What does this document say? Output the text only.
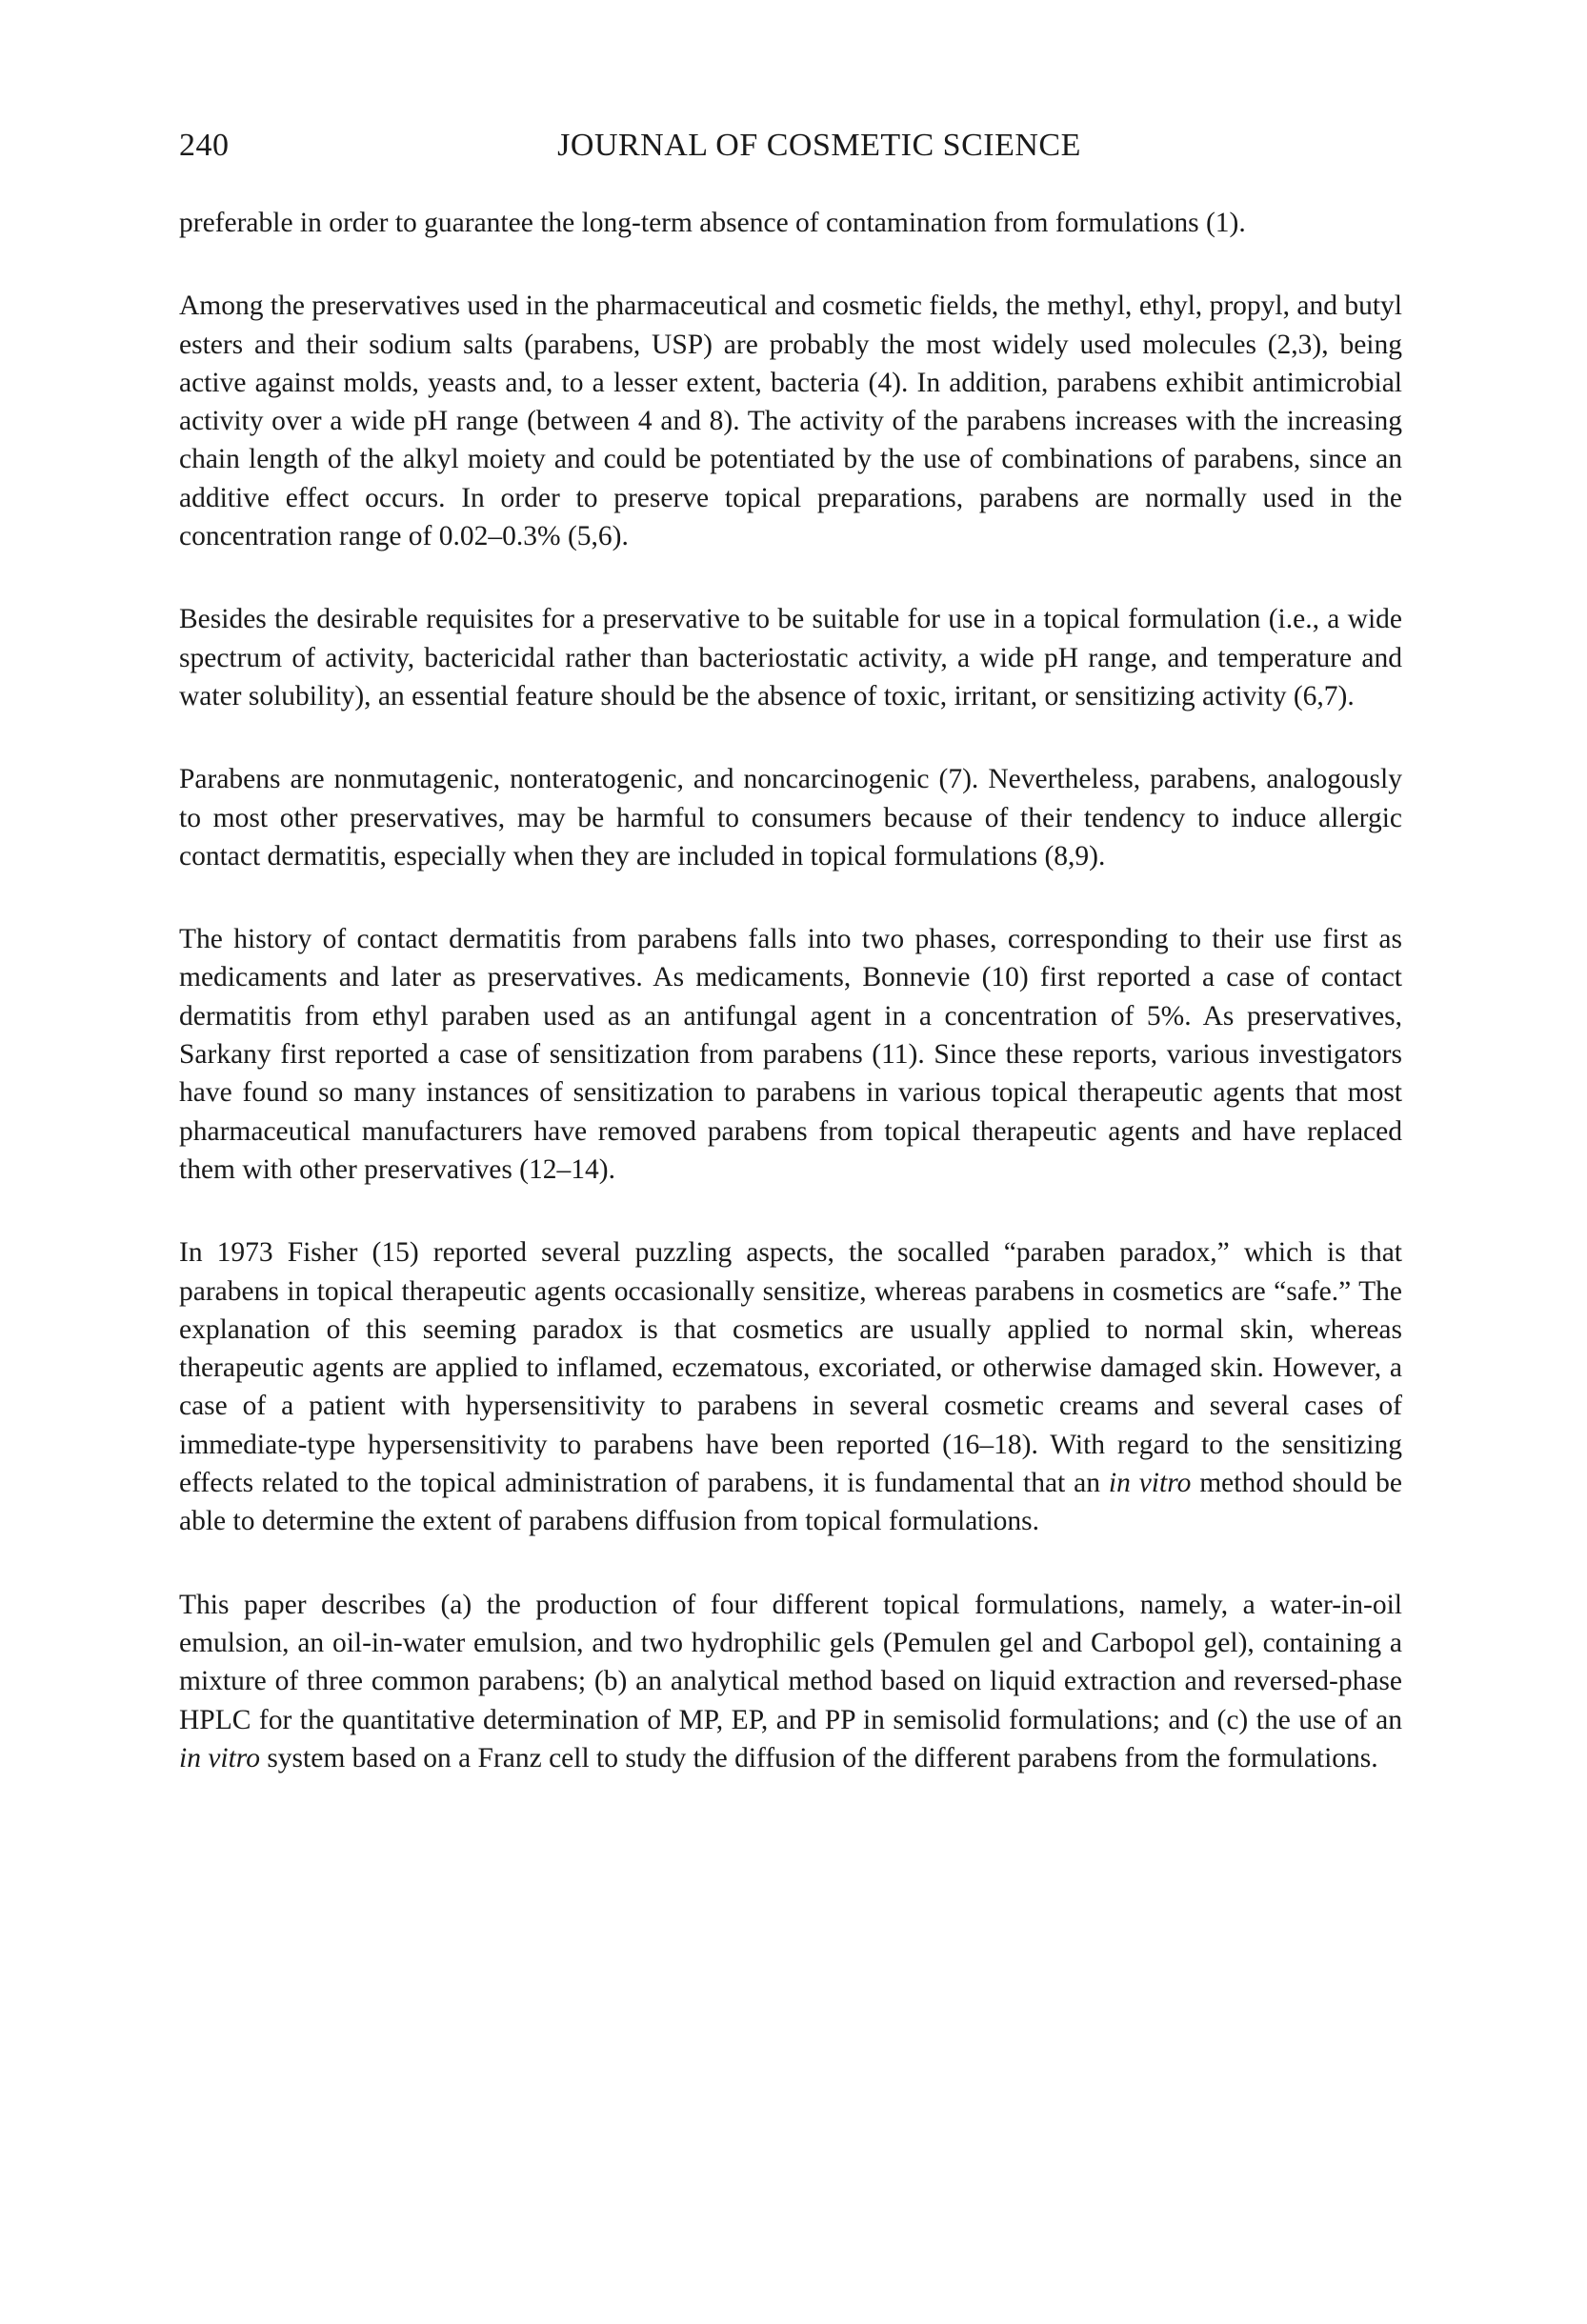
240	JOURNAL OF COSMETIC SCIENCE

preferable in order to guarantee the long-term absence of contamination from formulations (1).

Among the preservatives used in the pharmaceutical and cosmetic fields, the methyl, ethyl, propyl, and butyl esters and their sodium salts (parabens, USP) are probably the most widely used molecules (2,3), being active against molds, yeasts and, to a lesser extent, bacteria (4). In addition, parabens exhibit antimicrobial activity over a wide pH range (between 4 and 8). The activity of the parabens increases with the increasing chain length of the alkyl moiety and could be potentiated by the use of combinations of parabens, since an additive effect occurs. In order to preserve topical preparations, parabens are normally used in the concentration range of 0.02–0.3% (5,6).

Besides the desirable requisites for a preservative to be suitable for use in a topical formulation (i.e., a wide spectrum of activity, bactericidal rather than bacteriostatic activity, a wide pH range, and temperature and water solubility), an essential feature should be the absence of toxic, irritant, or sensitizing activity (6,7).

Parabens are nonmutagenic, nonteratogenic, and noncarcinogenic (7). Nevertheless, parabens, analogously to most other preservatives, may be harmful to consumers because of their tendency to induce allergic contact dermatitis, especially when they are included in topical formulations (8,9).

The history of contact dermatitis from parabens falls into two phases, corresponding to their use first as medicaments and later as preservatives. As medicaments, Bonnevie (10) first reported a case of contact dermatitis from ethyl paraben used as an antifungal agent in a concentration of 5%. As preservatives, Sarkany first reported a case of sensitization from parabens (11). Since these reports, various investigators have found so many instances of sensitization to parabens in various topical therapeutic agents that most pharmaceutical manufacturers have removed parabens from topical therapeutic agents and have replaced them with other preservatives (12–14).

In 1973 Fisher (15) reported several puzzling aspects, the socalled “paraben paradox,” which is that parabens in topical therapeutic agents occasionally sensitize, whereas parabens in cosmetics are “safe.” The explanation of this seeming paradox is that cosmetics are usually applied to normal skin, whereas therapeutic agents are applied to inflamed, eczematous, excoriated, or otherwise damaged skin. However, a case of a patient with hypersensitivity to parabens in several cosmetic creams and several cases of immediate-type hypersensitivity to parabens have been reported (16–18). With regard to the sensitizing effects related to the topical administration of parabens, it is fundamental that an in vitro method should be able to determine the extent of parabens diffusion from topical formulations.

This paper describes (a) the production of four different topical formulations, namely, a water-in-oil emulsion, an oil-in-water emulsion, and two hydrophilic gels (Pemulen gel and Carbopol gel), containing a mixture of three common parabens; (b) an analytical method based on liquid extraction and reversed-phase HPLC for the quantitative determination of MP, EP, and PP in semisolid formulations; and (c) the use of an in vitro system based on a Franz cell to study the diffusion of the different parabens from the formulations.
